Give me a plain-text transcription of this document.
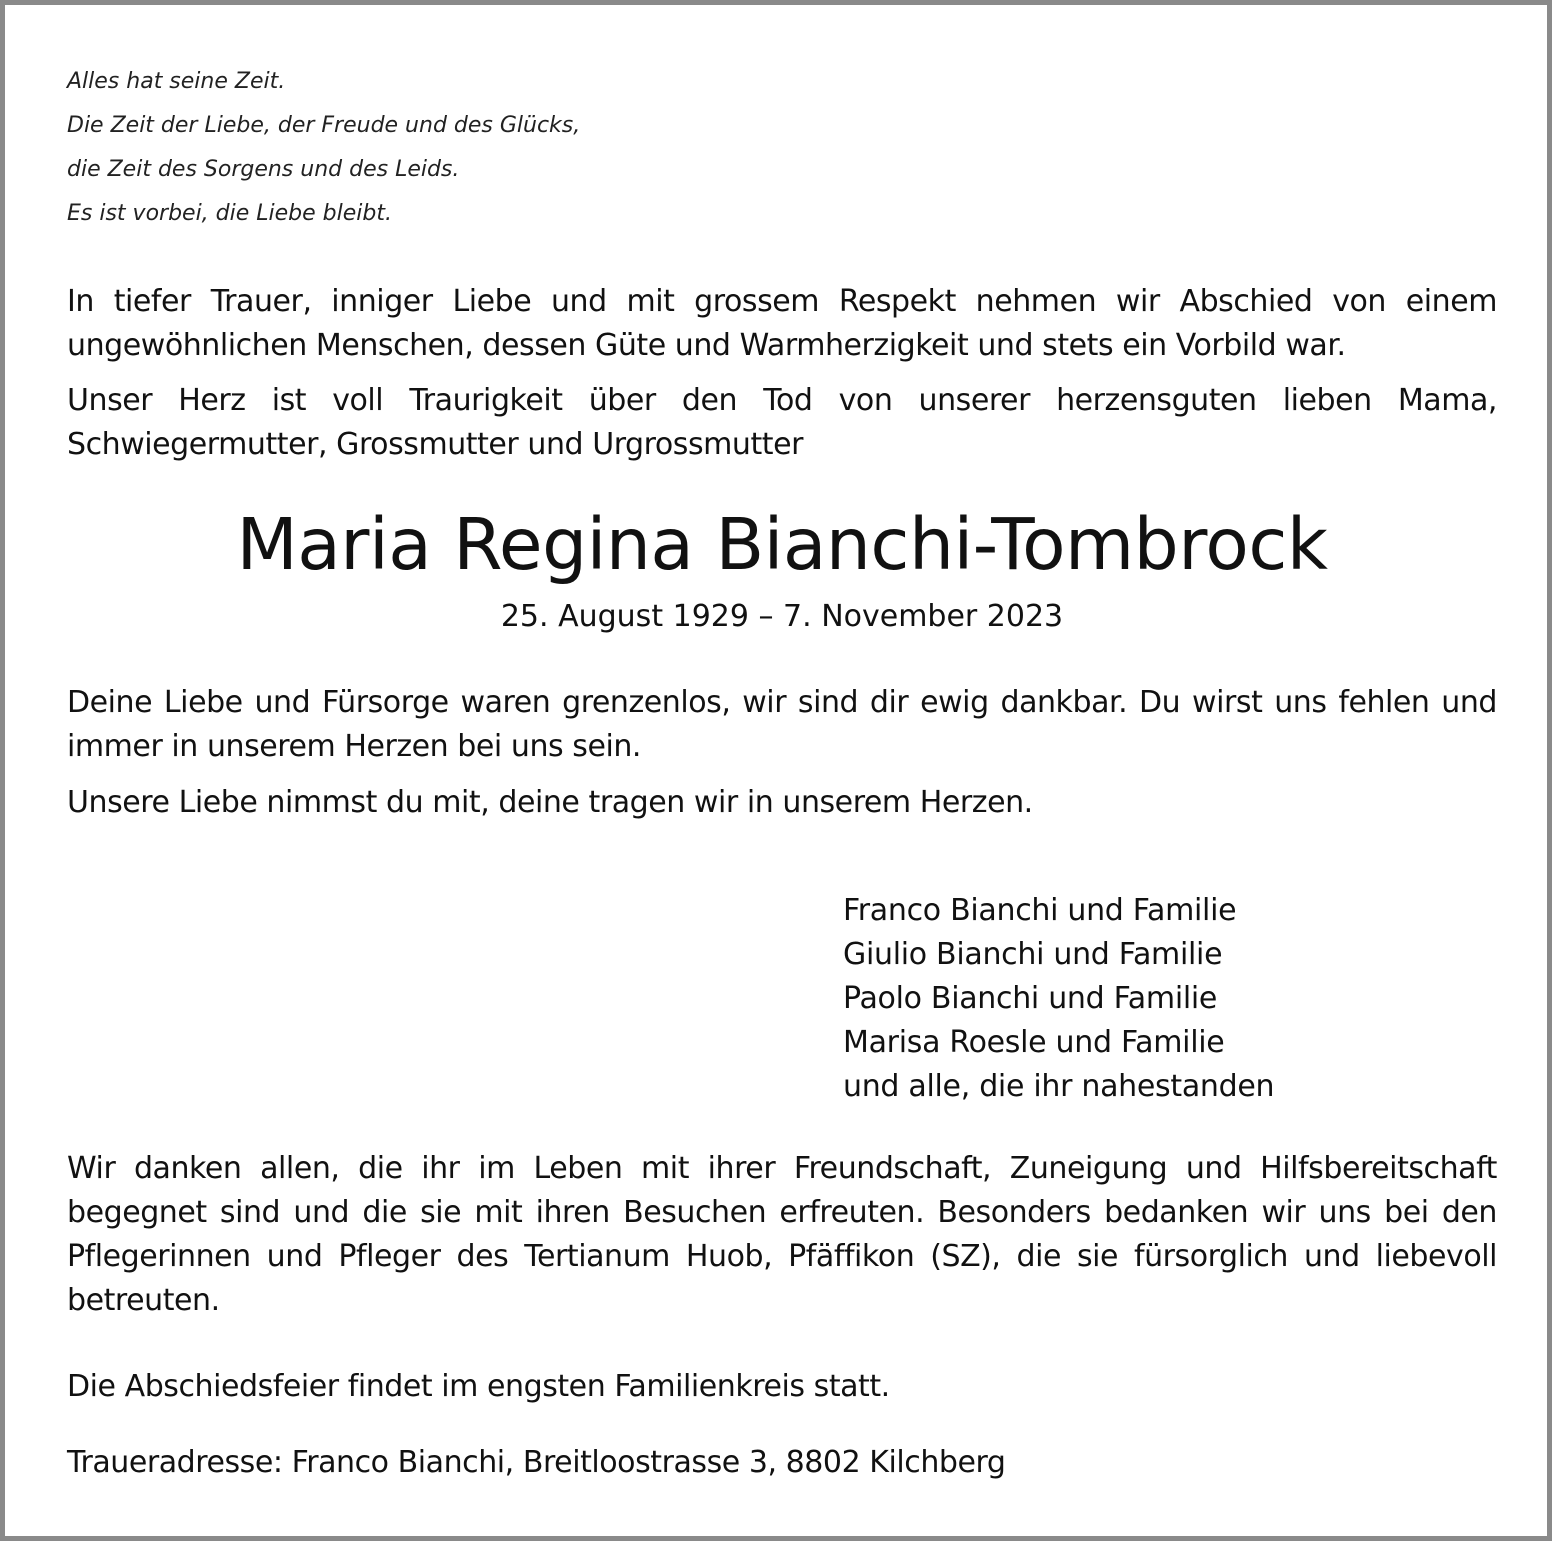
Alles hat seine Zeit.
Die Zeit der Liebe, der Freude und des Glücks,
die Zeit des Sorgens und des Leids.
Es ist vorbei, die Liebe bleibt.

In tiefer Trauer, inniger Liebe und mit grossem Respekt nehmen wir Abschied von einem ungewöhnlichen Menschen, dessen Güte und Warmherzigkeit und stets ein Vorbild war.

Unser Herz ist voll Traurigkeit über den Tod von unserer herzensguten lieben Mama, Schwiegermutter, Grossmutter und Urgrossmutter

Maria Regina Bianchi-Tombrock
25. August 1929 – 7. November 2023

Deine Liebe und Fürsorge waren grenzenlos, wir sind dir ewig dankbar. Du wirst uns fehlen und immer in unserem Herzen bei uns sein.

Unsere Liebe nimmst du mit, deine tragen wir in unserem Herzen.

Franco Bianchi und Familie
Giulio Bianchi und Familie
Paolo Bianchi und Familie
Marisa Roesle und Familie
und alle, die ihr nahestanden

Wir danken allen, die ihr im Leben mit ihrer Freundschaft, Zuneigung und Hilfsbereitschaft begegnet sind und die sie mit ihren Besuchen erfreuten. Besonders bedanken wir uns bei den Pflegerinnen und Pfleger des Tertianum Huob, Pfäffikon (SZ), die sie fürsorglich und liebevoll betreuten.

Die Abschiedsfeier findet im engsten Familienkreis statt.

Traueradresse: Franco Bianchi, Breitloostrasse 3, 8802 Kilchberg
